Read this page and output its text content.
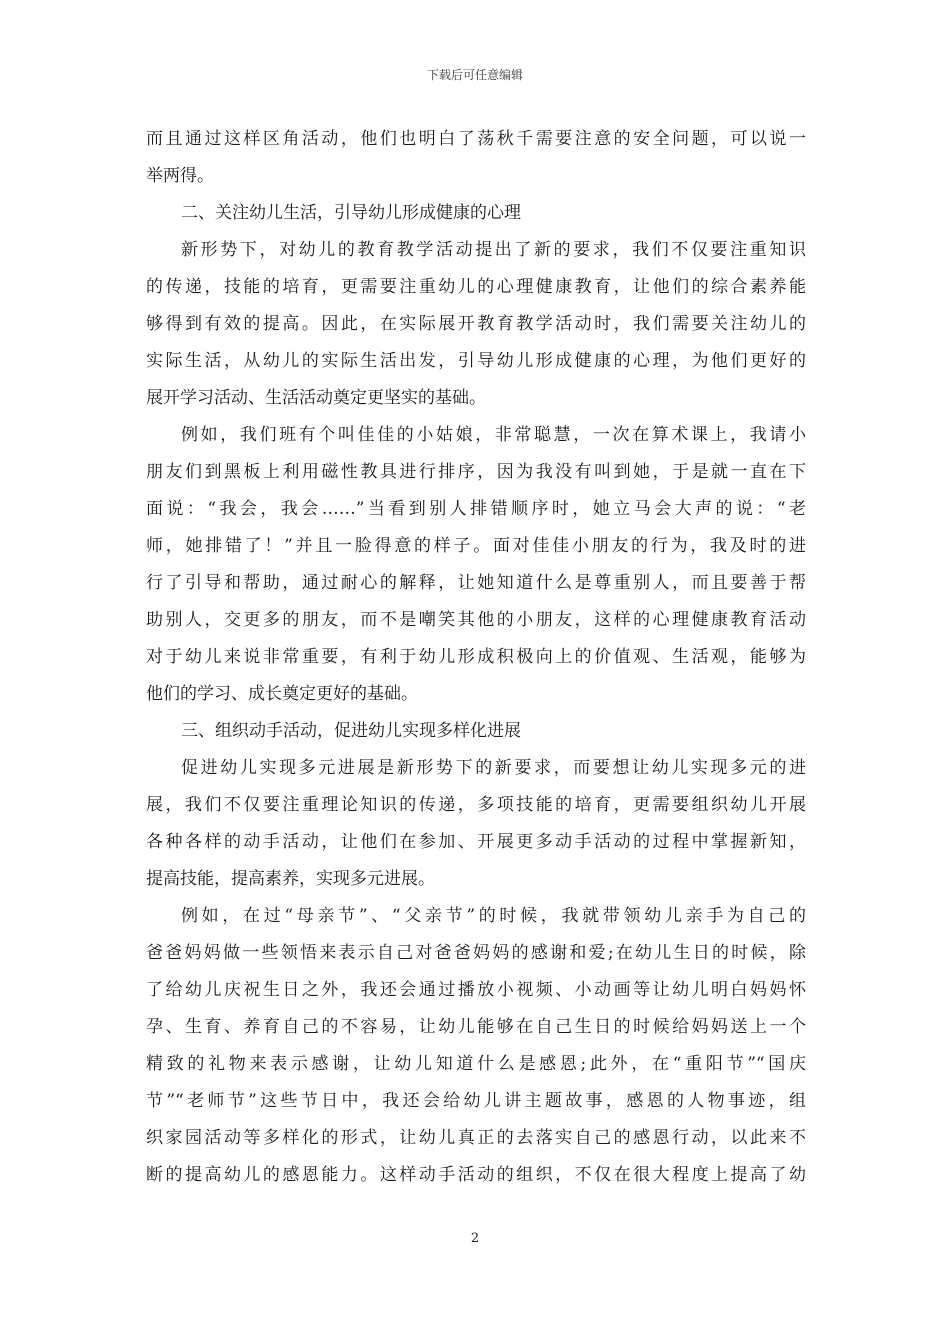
下载后可任意编辑
而且通过这样区角活动，他们也明白了荡秋千需要注意的安全问题，可以说一
举两得。
二、关注幼儿生活，引导幼儿形成健康的心理
新形势下，对幼儿的教育教学活动提出了新的要求，我们不仅要注重知识
的传递，技能的培育，更需要注重幼儿的心理健康教育，让他们的综合素养能
够得到有效的提高。因此，在实际展开教育教学活动时，我们需要关注幼儿的
实际生活，从幼儿的实际生活出发，引导幼儿形成健康的心理，为他们更好的
展开学习活动、生活活动奠定更坚实的基础。
例如，我们班有个叫佳佳的小姑娘，非常聪慧，一次在算术课上，我请小
朋友们到黑板上利用磁性教具进行排序，因为我没有叫到她，于是就一直在下
面说：“我会，我会……”当看到别人排错顺序时，她立马会大声的说：“老
师，她排错了！”并且一脸得意的样子。面对佳佳小朋友的行为，我及时的进
行了引导和帮助，通过耐心的解释，让她知道什么是尊重别人，而且要善于帮
助别人，交更多的朋友，而不是嘲笑其他的小朋友，这样的心理健康教育活动
对于幼儿来说非常重要，有利于幼儿形成积极向上的价值观、生活观，能够为
他们的学习、成长奠定更好的基础。
三、组织动手活动，促进幼儿实现多样化进展
促进幼儿实现多元进展是新形势下的新要求，而要想让幼儿实现多元的进
展，我们不仅要注重理论知识的传递，多项技能的培育，更需要组织幼儿开展
各种各样的动手活动，让他们在参加、开展更多动手活动的过程中掌握新知，
提高技能，提高素养，实现多元进展。
例如，在过“母亲节”、“父亲节”的时候，我就带领幼儿亲手为自己的
爸爸妈妈做一些领悟来表示自己对爸爸妈妈的感谢和爱;在幼儿生日的时候，除
了给幼儿庆祝生日之外，我还会通过播放小视频、小动画等让幼儿明白妈妈怀
孕、生育、养育自己的不容易，让幼儿能够在自己生日的时候给妈妈送上一个
精致的礼物来表示感谢，让幼儿知道什么是感恩;此外，在“重阳节”“国庆
节”“老师节”这些节日中，我还会给幼儿讲主题故事，感恩的人物事迹，组
织家园活动等多样化的形式，让幼儿真正的去落实自己的感恩行动，以此来不
断的提高幼儿的感恩能力。这样动手活动的组织，不仅在很大程度上提高了幼
2
